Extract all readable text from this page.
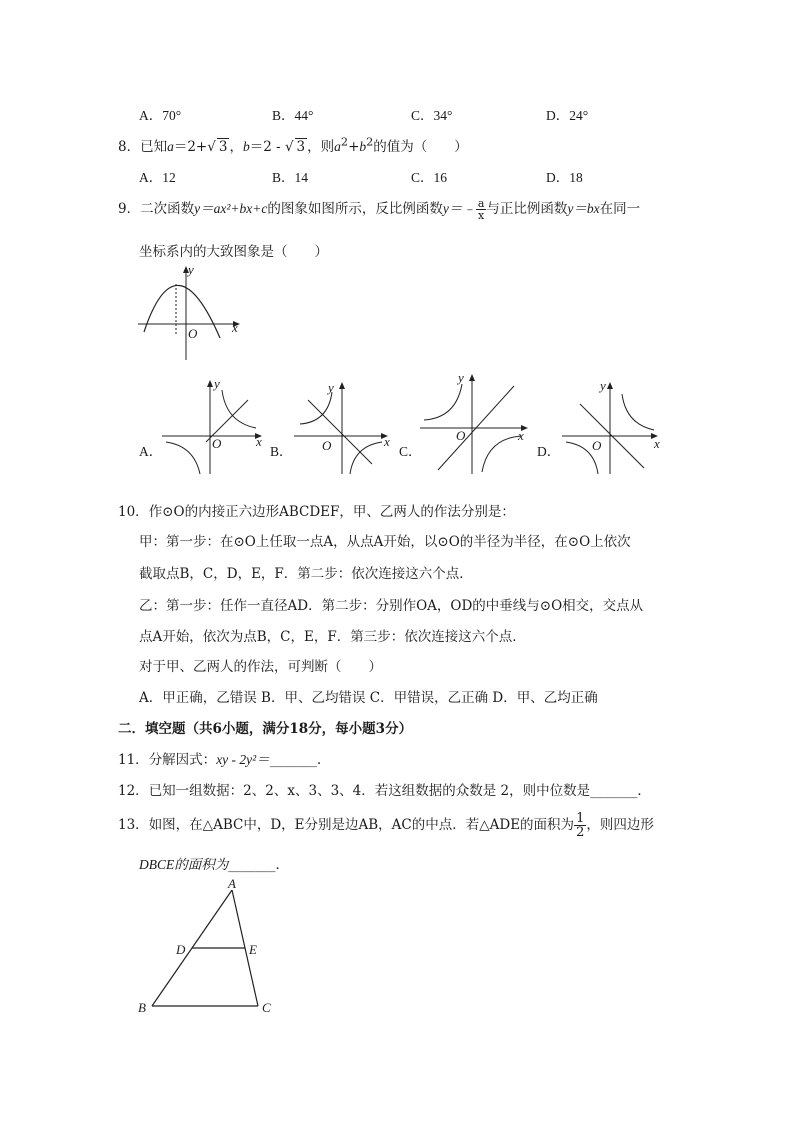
A．70°	B．44°	C．34°	D．24°
8．已知a＝2+√ 3 ，b＝2 - √ 3 ，则$a^2+b^2$的值为（　　）
A．12	B．14	C．16	D．18
9．二次函数y＝ax²+bx+c的图象如图所示，反比例函数y＝﹣ $\frac{a}{x}$ 与正比例函数y＝bx在同一
坐标系内的大致图象是（　　）
y
x
O
y
x
O
A．
y
x
O
B．
y
x
O
C．
y
x
O
D．
10．作⊙O的内接正六边形ABCDEF，甲、乙两人的作法分别是：
甲：第一步：在⊙O上任取一点A，从点A开始，以⊙O的半径为半径，在⊙O上依次
截取点B，C，D，E，F．第二步：依次连接这六个点．
乙：第一步：任作一直径AD．第二步：分别作OA，OD的中垂线与⊙O相交，交点从
点A开始，依次为点B，C，E，F．第三步：依次连接这六个点．
对于甲、乙两人的作法，可判断（　　）
A．甲正确，乙错误 B．甲、乙均错误 C．甲错误，乙正确 D．甲、乙均正确
二．填空题（共6小题，满分18分，每小题3分）
11．分解因式：xy - 2y²＝_______．
12．已知一组数据：2、2、x、3、3、4．若这组数据的众数是 2，则中位数是_______．
13．如图，在△ABC中，D，E分别是边AB，AC的中点．若△ADE的面积为 $\frac{1}{2}$ ，则四边形
DBCE的面积为_______．
A
B	C
D	E
